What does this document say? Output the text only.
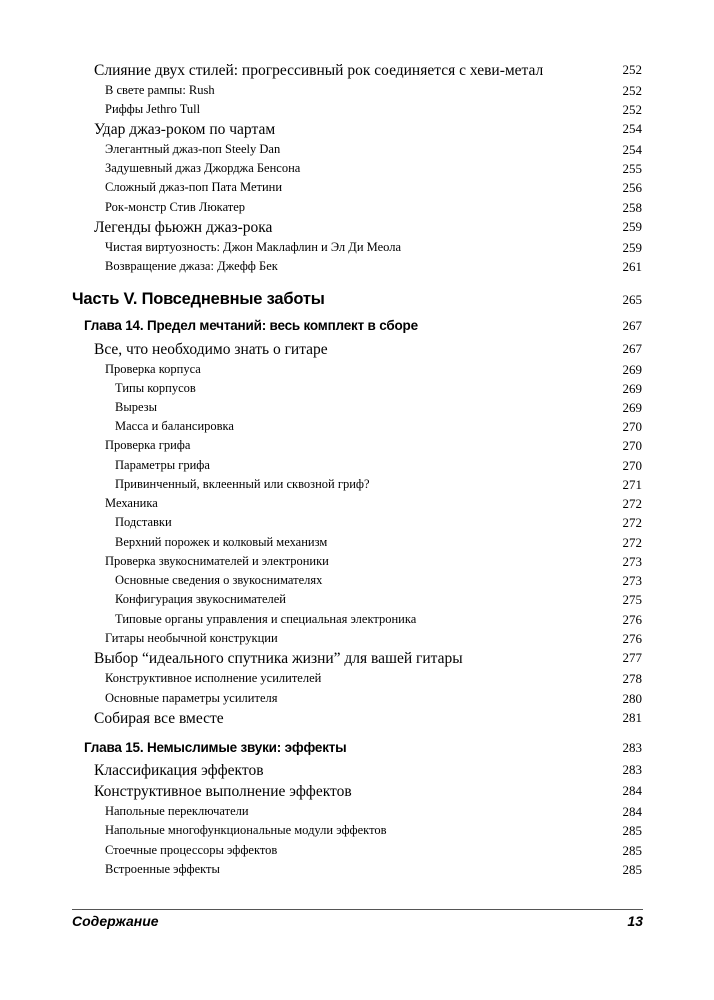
Слияние двух стилей: прогрессивный рок соединяется с хеви-метал	252
В свете рампы: Rush	252
Риффы Jethro Tull	252
Удар джаз-роком по чартам	254
Элегантный джаз-поп Steely Dan	254
Задушевный джаз Джорджа Бенсона	255
Сложный джаз-поп Пата Метини	256
Рок-монстр Стив Люкатер	258
Легенды фьюжн джаз-рока	259
Чистая виртуозность: Джон Маклафлин и Эл Ди Меола	259
Возвращение джаза: Джефф Бек	261
Часть V. Повседневные заботы	265
Глава 14. Предел мечтаний: весь комплект в сборе	267
Все, что необходимо знать о гитаре	267
Проверка корпуса	269
Типы корпусов	269
Вырезы	269
Масса и балансировка	270
Проверка грифа	270
Параметры грифа	270
Привинченный, вклеенный или сквозной гриф?	271
Механика	272
Подставки	272
Верхний порожек и колковый механизм	272
Проверка звукоснимателей и электроники	273
Основные сведения о звукоснимателях	273
Конфигурация звукоснимателей	275
Типовые органы управления и специальная электроника	276
Гитары необычной конструкции	276
Выбор “идеального спутника жизни” для вашей гитары	277
Конструктивное исполнение усилителей	278
Основные параметры усилителя	280
Собирая все вместе	281
Глава 15. Немыслимые звуки: эффекты	283
Классификация эффектов	283
Конструктивное выполнение эффектов	284
Напольные переключатели	284
Напольные многофункциональные модули эффектов	285
Стоечные процессоры эффектов	285
Встроенные эффекты	285
Содержание	13
